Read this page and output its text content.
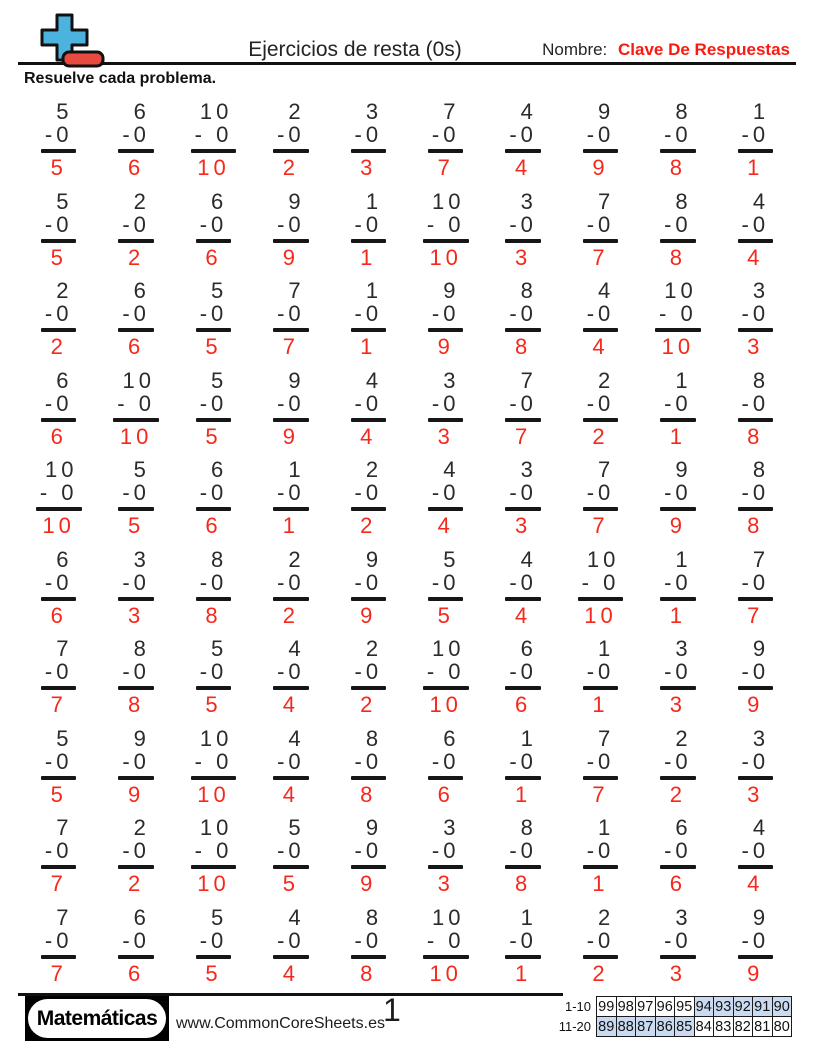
Ejercicios de resta (0s)	Nombre: Clave De Respuestas
Resuelve cada problema.
5
-0
5
6
-0
6
10
- 0
10
2
-0
2
3
-0
3
7
-0
7
4
-0
4
9
-0
9
8
-0
8
1
-0
1
5
-0
5
2
-0
2
6
-0
6
9
-0
9
1
-0
1
10
- 0
10
3
-0
3
7
-0
7
8
-0
8
4
-0
4
2
-0
2
6
-0
6
5
-0
5
7
-0
7
1
-0
1
9
-0
9
8
-0
8
4
-0
4
10
- 0
10
3
-0
3
6
-0
6
10
- 0
10
5
-0
5
9
-0
9
4
-0
4
3
-0
3
7
-0
7
2
-0
2
1
-0
1
8
-0
8
10
- 0
10
5
-0
5
6
-0
6
1
-0
1
2
-0
2
4
-0
4
3
-0
3
7
-0
7
9
-0
9
8
-0
8
6
-0
6
3
-0
3
8
-0
8
2
-0
2
9
-0
9
5
-0
5
4
-0
4
10
- 0
10
1
-0
1
7
-0
7
7
-0
7
8
-0
8
5
-0
5
4
-0
4
2
-0
2
10
- 0
10
6
-0
6
1
-0
1
3
-0
3
9
-0
9
5
-0
5
9
-0
9
10
- 0
10
4
-0
4
8
-0
8
6
-0
6
1
-0
1
7
-0
7
2
-0
2
3
-0
3
7
-0
7
2
-0
2
10
- 0
10
5
-0
5
9
-0
9
3
-0
3
8
-0
8
1
-0
1
6
-0
6
4
-0
4
7
-0
7
6
-0
6
5
-0
5
4
-0
4
8
-0
8
10
- 0
10
1
-0
1
2
-0
2
3
-0
3
9
-0
9
Matemáticas	www.CommonCoreSheets.es
1	1-10	99	98	97	96	95	94	93	92	91	90
11-20	89	88	87	86	85	84	83	82	81	80
